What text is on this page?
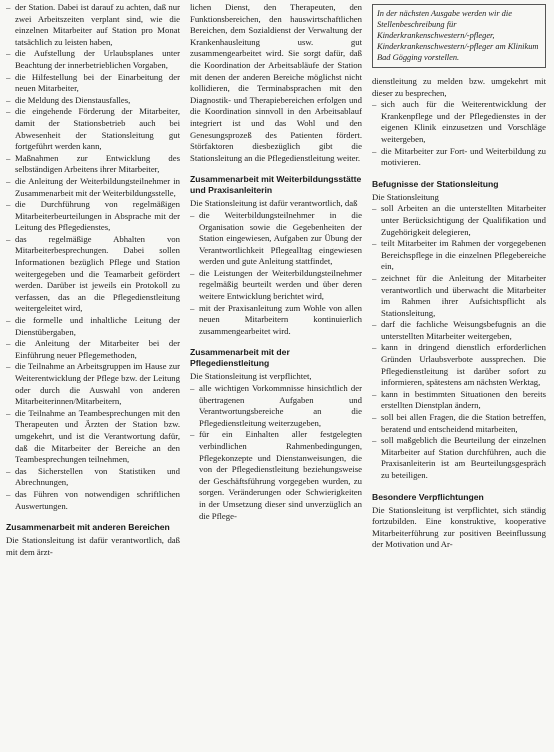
– der Station. Dabei ist darauf zu achten, daß nur zwei Arbeitszeiten verplant sind, wie die einzelnen Mitarbeiter auf Station pro Monat tatsächlich zu leisten haben,
– die Aufstellung der Urlaubsplanes unter Beachtung der innerbetrieblichen Vorgaben,
– die Hilfestellung bei der Einarbeitung der neuen Mitarbeiter,
– die Meldung des Dienstausfalles,
– die eingehende Förderung der Mitarbeiter, damit der Stationsbetrieb auch bei Abwesenheit der Stationsleitung gut fortgeführt werden kann,
– Maßnahmen zur Entwicklung des selbständigen Arbeitens ihrer Mitarbeiter,
– die Anleitung der Weiterbildungsteilnehmer in Zusammenarbeit mit der Weiterbildungsstelle,
– die Durchführung von regelmäßigen Mitarbeiterbeurteilungen in Absprache mit der Leitung des Pflegedienstes,
– das regelmäßige Abhalten von Mitarbeiterbesprechungen. Dabei sollen Informationen bezüglich Pflege und Station weitergegeben und die Teamarbeit gefördert werden. Darüber ist jeweils ein Protokoll zu verfassen, das an die Pflegedienstleitung weitergeleitet wird,
– die formelle und inhaltliche Leitung der Dienstübergaben,
– die Anleitung der Mitarbeiter bei der Einführung neuer Pflegemethoden,
– die Teilnahme an Arbeitsgruppen im Hause zur Weiterentwicklung der Pflege bzw. der Leitung oder durch die Auswahl von anderen Mitarbeiterinnen/Mitarbeitern,
– die Teilnahme an Teambesprechungen mit den Therapeuten und Ärzten der Station bzw. umgekehrt, und ist die Verantwortung dafür, daß die Mitarbeiter der Bereiche an den Teambesprechungen teilnehmen,
– das Sicherstellen von Statistiken und Abrechnungen,
– das Führen von notwendigen schriftlichen Auswertungen.
Zusammenarbeit mit anderen Bereichen

Die Stationsleitung ist dafür verantwortlich, daß mit dem ärzt-

lichen Dienst, den Therapeuten, den Funktionsbereichen, den hauswirtschaftlichen Bereichen, dem Sozialdienst der Verwaltung der Krankenhausleitung usw. gut zusammengearbeitet wird. Sie sorgt dafür, daß die Koordination der Arbeitsabläufe der Station mit denen der anderen Bereiche möglichst nicht kollidieren, die Terminabsprachen mit den Diagnostik- und Therapiebereichen erfolgen und die Koordination sinnvoll in den Arbeitsablauf integriert ist und das Wohl und den Genesungsprozeß des Patienten fördert. Störfaktoren diesbezüglich gibt die Stationsleitung an die Pflegedienstleitung weiter.

Zusammenarbeit mit Weiterbildungsstätte und Praxisanleiterin

Die Stationsleitung ist dafür verantwortlich, daß

– die Weiterbildungsteilnehmer in die Organisation sowie die Gegebenheiten der Station eingewiesen, Aufgaben zur Übung der Verantwortlichkeit Pflegealltag eingewiesen werden und gute Anleitung stattfindet,
– die Leistungen der Weiterbildungsteilnehmer regelmäßig beurteilt werden und über deren weitere Entwicklung berichtet wird,
– mit der Praxisanleitung zum Wohle von allen neuen Mitarbeitern kontinuierlich zusammengearbeitet wird.
Zusammenarbeit mit der Pflegedienstleitung

Die Stationsleitung ist verpflichtet,

– alle wichtigen Vorkommnisse hinsichtlich der übertragenen Aufgaben und Verantwortungsbereiche an die Pflegedienstleitung weiterzugeben,
– für ein Einhalten aller festgelegten verbindlichen Rahmenbedingungen, Pflegekonzepte und Dienstanweisungen, die von der Pflegedienstleitung beziehungsweise der Geschäftsführung vorgegeben wurden, zu sorgen. Veränderungen oder Schwierigkeiten in der Umsetzung dieser sind unverzüglich an die Pflege-
In der nächsten Ausgabe werden wir die Stellenbeschreibung für Kinderkrankenschwestern/-pfleger, Kinderkrankenschwestern/-pfleger am Klinikum Bad Gögging vorstellen.

dienstleitung zu melden bzw. umgekehrt mit dieser zu besprechen,

– sich auch für die Weiterentwicklung der Krankenpflege und der Pflegedienstes in der eigenen Klinik einzusetzen und Vorschläge weitergeben,
– die Mitarbeiter zur Fort- und Weiterbildung zu motivieren.
Befugnisse der Stationsleitung

Die Stationsleitung

– soll Arbeiten an die unterstellten Mitarbeiter unter Berücksichtigung der Qualifikation und Zugehörigkeit delegieren,
– teilt Mitarbeiter im Rahmen der vorgegebenen Bereichspflege in die einzelnen Pflegebereiche ein,
– zeichnet für die Anleitung der Mitarbeiter verantwortlich und überwacht die Mitarbeiter im Rahmen ihrer Aufsichtspflicht als Stationsleitung,
– darf die fachliche Weisungsbefugnis an die unterstellten Mitarbeiter weitergeben,
– kann in dringend dienstlich erforderlichen Gründen Urlaubsverbote aussprechen. Die Pflegedienstleitung ist darüber sofort zu informieren, spätestens am nächsten Werktag,
– kann in bestimmten Situationen den bereits erstellten Dienstplan ändern,
– soll bei allen Fragen, die die Station betreffen, beratend und entscheidend mitarbeiten,
– soll maßgeblich die Beurteilung der einzelnen Mitarbeiter auf Station durchführen, auch die Praxisanleiterin ist am Beurteilungsgespräch zu beteiligen.
Besondere Verpflichtungen

Die Stationsleitung ist verpflichtet, sich ständig fortzubilden. Eine konstruktive, kooperative Mitarbeiterführung zur positiven Beeinflussung der Motivation und Ar-
